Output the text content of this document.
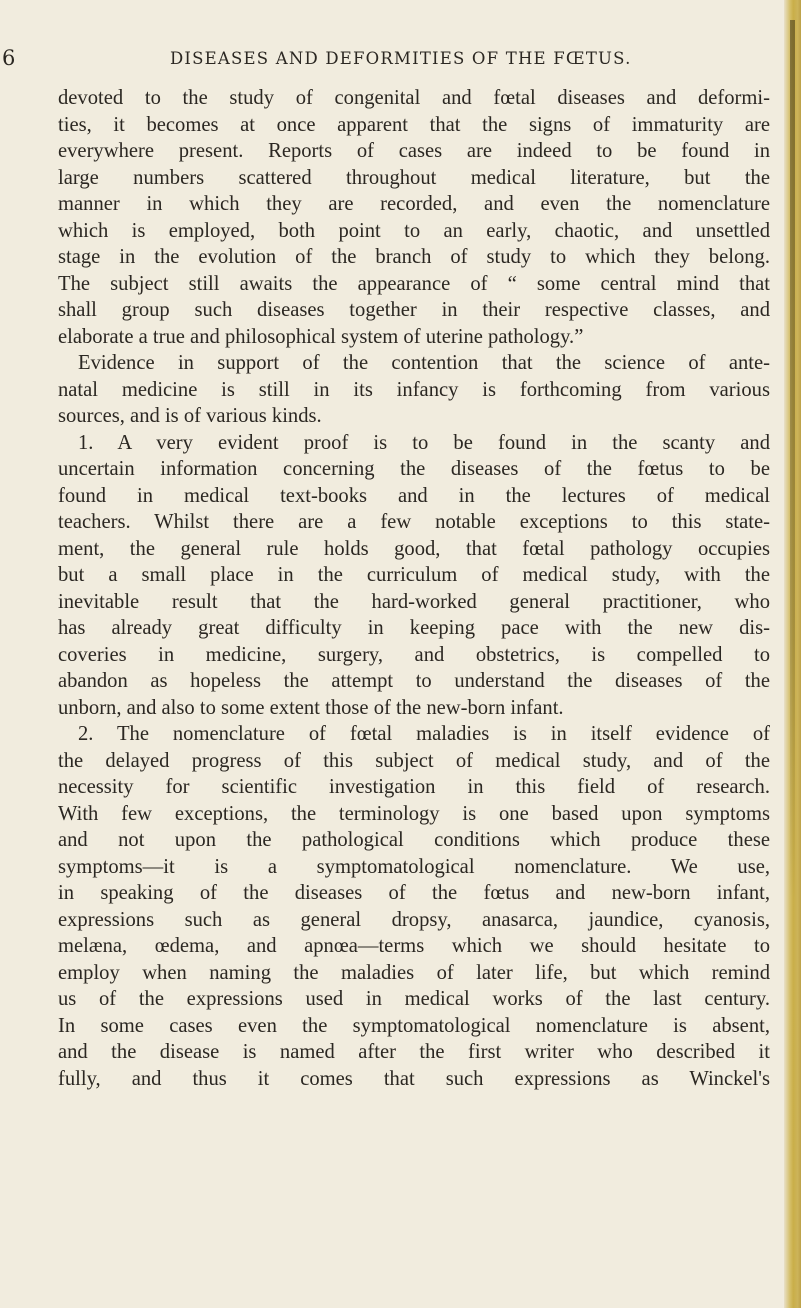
6	DISEASES AND DEFORMITIES OF THE FŒTUS.
devoted to the study of congenital and fœtal diseases and deformi-
ties, it becomes at once apparent that the signs of immaturity are
everywhere present. Reports of cases are indeed to be found in
large numbers scattered throughout medical literature, but the
manner in which they are recorded, and even the nomenclature
which is employed, both point to an early, chaotic, and unsettled
stage in the evolution of the branch of study to which they belong.
The subject still awaits the appearance of “ some central mind that
shall group such diseases together in their respective classes, and
elaborate a true and philosophical system of uterine pathology.”
Evidence in support of the contention that the science of ante-
natal medicine is still in its infancy is forthcoming from various
sources, and is of various kinds.
1. A very evident proof is to be found in the scanty and
uncertain information concerning the diseases of the fœtus to be
found in medical text-books and in the lectures of medical
teachers. Whilst there are a few notable exceptions to this state-
ment, the general rule holds good, that fœtal pathology occupies
but a small place in the curriculum of medical study, with the
inevitable result that the hard-worked general practitioner, who
has already great difficulty in keeping pace with the new dis-
coveries in medicine, surgery, and obstetrics, is compelled to
abandon as hopeless the attempt to understand the diseases of the
unborn, and also to some extent those of the new-born infant.
2. The nomenclature of fœtal maladies is in itself evidence of
the delayed progress of this subject of medical study, and of the
necessity for scientific investigation in this field of research.
With few exceptions, the terminology is one based upon symptoms
and not upon the pathological conditions which produce these
symptoms—it is a symptomatological nomenclature. We use,
in speaking of the diseases of the fœtus and new-born infant,
expressions such as general dropsy, anasarca, jaundice, cyanosis,
melæna, œdema, and apnœa—terms which we should hesitate to
employ when naming the maladies of later life, but which remind
us of the expressions used in medical works of the last century.
In some cases even the symptomatological nomenclature is absent,
and the disease is named after the first writer who described it
fully, and thus it comes that such expressions as Winckel's
